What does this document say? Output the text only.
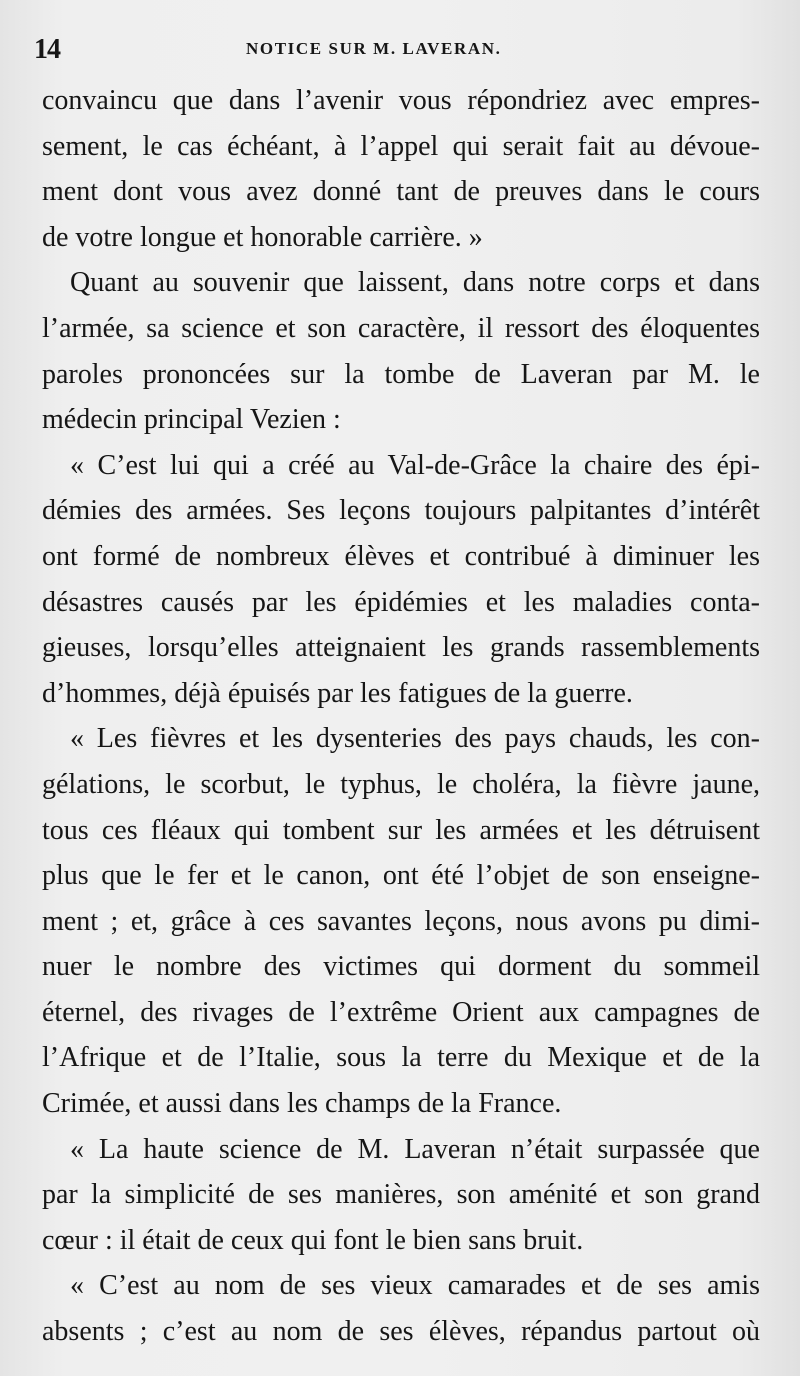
14	NOTICE SUR M. LAVERAN.
convaincu que dans l’avenir vous répondriez avec empres-
sement, le cas échéant, à l’appel qui serait fait au dévoue-
ment dont vous avez donné tant de preuves dans le cours
de votre longue et honorable carrière. »
Quant au souvenir que laissent, dans notre corps et dans
l’armée, sa science et son caractère, il ressort des éloquentes
paroles prononcées sur la tombe de Laveran par M. le
médecin principal Vezien :
« C’est lui qui a créé au Val-de-Grâce la chaire des épi-
démies des armées. Ses leçons toujours palpitantes d’intérêt
ont formé de nombreux élèves et contribué à diminuer les
désastres causés par les épidémies et les maladies conta-
gieuses, lorsqu’elles atteignaient les grands rassemblements
d’hommes, déjà épuisés par les fatigues de la guerre.
« Les fièvres et les dysenteries des pays chauds, les con-
gélations, le scorbut, le typhus, le choléra, la fièvre jaune,
tous ces fléaux qui tombent sur les armées et les détruisent
plus que le fer et le canon, ont été l’objet de son enseigne-
ment ; et, grâce à ces savantes leçons, nous avons pu dimi-
nuer le nombre des victimes qui dorment du sommeil
éternel, des rivages de l’extrême Orient aux campagnes de
l’Afrique et de l’Italie, sous la terre du Mexique et de la
Crimée, et aussi dans les champs de la France.
« La haute science de M. Laveran n’était surpassée que
par la simplicité de ses manières, son aménité et son grand
cœur : il était de ceux qui font le bien sans bruit.
« C’est au nom de ses vieux camarades et de ses amis
absents ; c’est au nom de ses élèves, répandus partout où
